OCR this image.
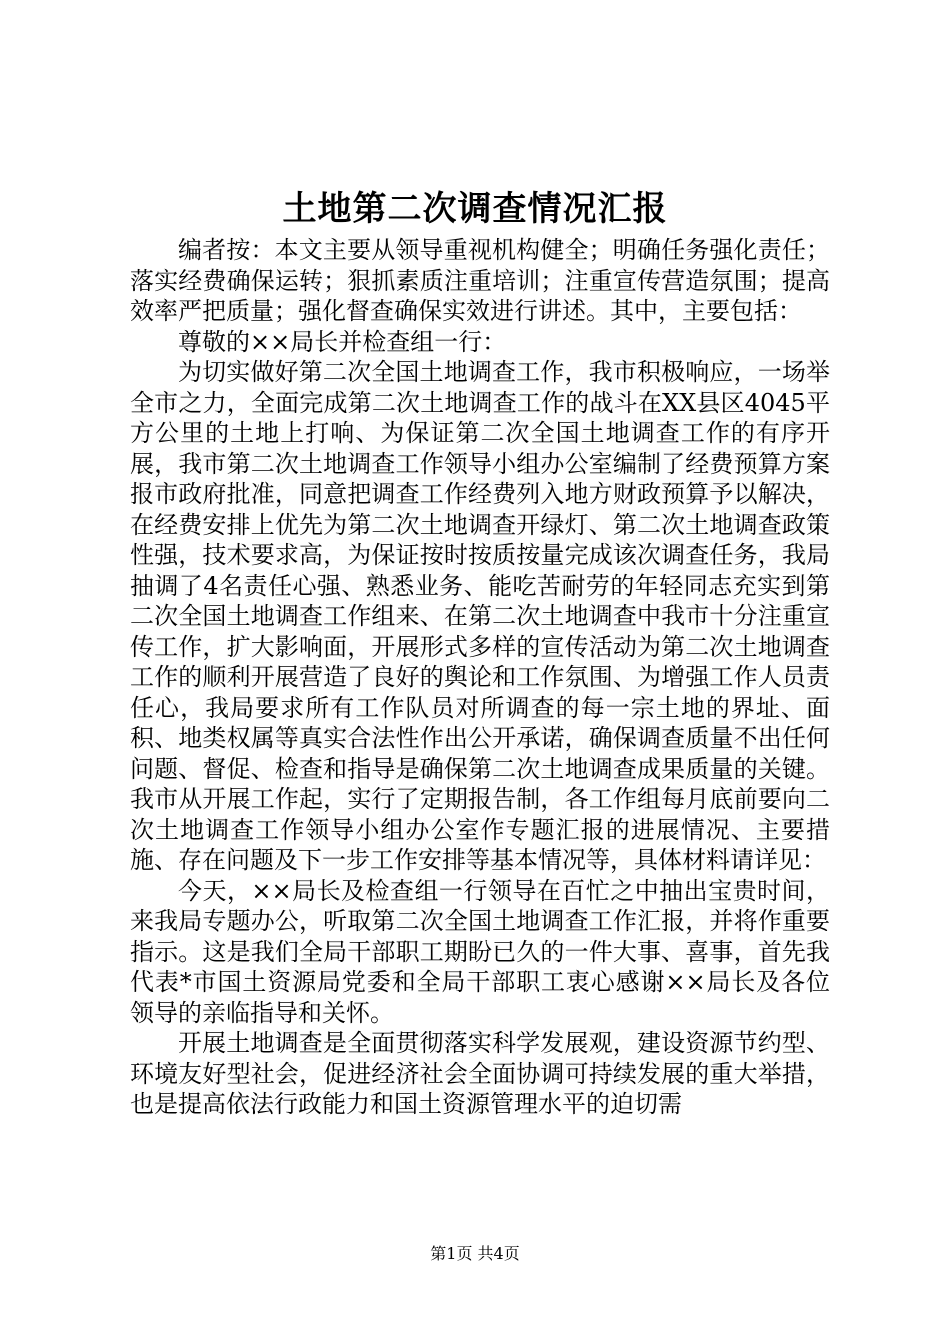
土地第二次调查情况汇报

编者按：本文主要从领导重视机构健全；明确任务强化责任；落实经费确保运转；狠抓素质注重培训；注重宣传营造氛围；提高效率严把质量；强化督查确保实效进行讲述。其中，主要包括：

尊敬的××局长并检查组一行：

为切实做好第二次全国土地调查工作，我市积极响应，一场举全市之力，全面完成第二次土地调查工作的战斗在XX县区4045平方公里的土地上打响、为保证第二次全国土地调查工作的有序开展，我市第二次土地调查工作领导小组办公室编制了经费预算方案报市政府批准，同意把调查工作经费列入地方财政预算予以解决，在经费安排上优先为第二次土地调查开绿灯、第二次土地调查政策性强，技术要求高，为保证按时按质按量完成该次调查任务，我局抽调了4名责任心强、熟悉业务、能吃苦耐劳的年轻同志充实到第二次全国土地调查工作组来、在第二次土地调查中我市十分注重宣传工作，扩大影响面，开展形式多样的宣传活动为第二次土地调查工作的顺利开展营造了良好的舆论和工作氛围、为增强工作人员责任心，我局要求所有工作队员对所调查的每一宗土地的界址、面积、地类权属等真实合法性作出公开承诺，确保调查质量不出任何问题、督促、检查和指导是确保第二次土地调查成果质量的关键。我市从开展工作起，实行了定期报告制，各工作组每月底前要向二次土地调查工作领导小组办公室作专题汇报的进展情况、主要措施、存在问题及下一步工作安排等基本情况等，具体材料请详见：

今天，××局长及检查组一行领导在百忙之中抽出宝贵时间，来我局专题办公，听取第二次全国土地调查工作汇报，并将作重要指示。这是我们全局干部职工期盼已久的一件大事、喜事，首先我代表*市国土资源局党委和全局干部职工衷心感谢××局长及各位领导的亲临指导和关怀。

开展土地调查是全面贯彻落实科学发展观，建设资源节约型、环境友好型社会，促进经济社会全面协调可持续发展的重大举措，也是提高依法行政能力和国土资源管理水平的迫切需

第1页 共4页
